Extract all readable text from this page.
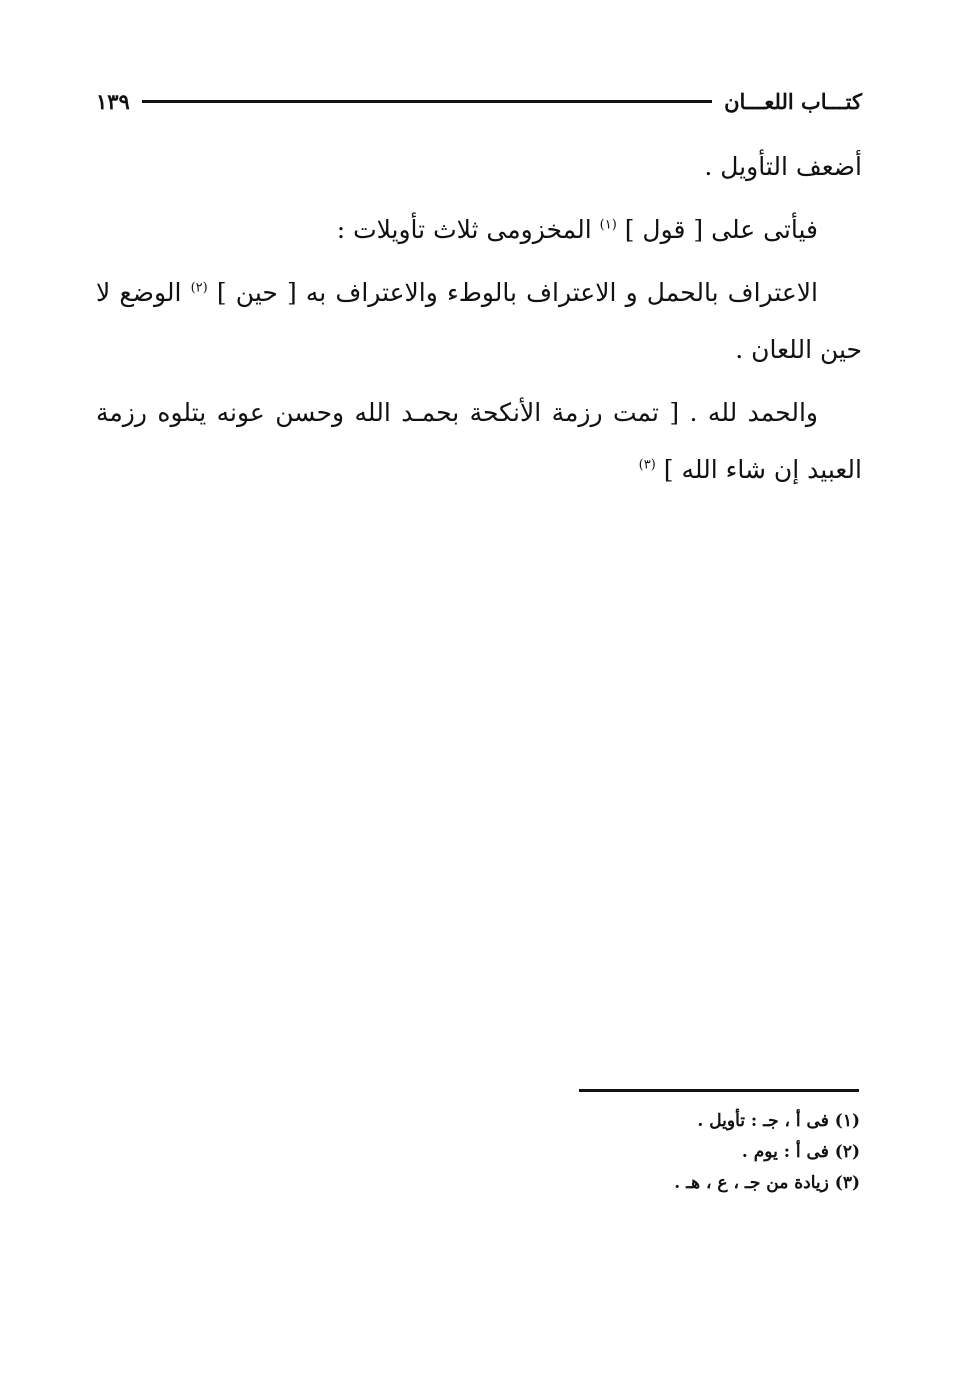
١٣٩	كتـــاب اللعـــان

أضعف التأويل .

فيأتى على [ قول ] $^{(١)}$ المخزومى ثلاث تأويلات :

الاعتراف بالحمل و الاعتراف بالوطء والاعتراف به [ حين ] $^{(٢)}$ الوضع لا حين اللعان .

والحمد لله . [ تمت رزمة الأنكحة بحمـد الله وحسن عونه يتلوه رزمة العبيد إن شاء الله ] $^{(٣)}$

(١) فى أ ، جـ : تأويل .

(٢) فى أ : يوم .

(٣) زيادة من جـ ، ع ، هـ .
